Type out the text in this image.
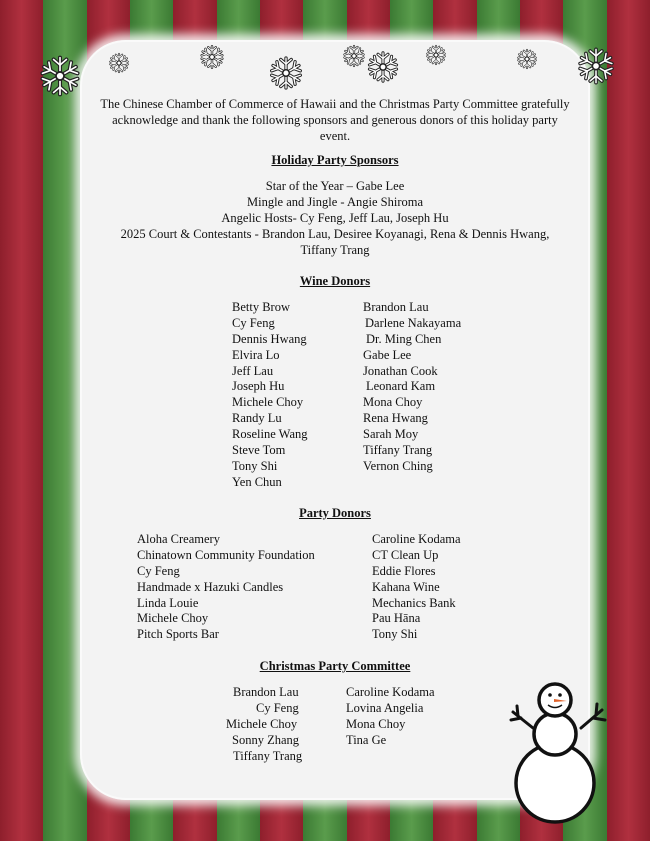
The Chinese Chamber of Commerce of Hawaii and the Christmas Party Committee gratefully acknowledge and thank the following sponsors and generous donors of this holiday party event.
Holiday Party Sponsors
Star of the Year – Gabe Lee
Mingle and Jingle - Angie Shiroma
Angelic Hosts- Cy Feng, Jeff Lau, Joseph Hu
2025 Court & Contestants - Brandon Lau, Desiree Koyanagi, Rena & Dennis Hwang,
Tiffany Trang
Wine Donors
Betty Brow
Cy Feng
Dennis Hwang
Elvira Lo
Jeff Lau
Joseph Hu
Michele Choy
Randy Lu
Roseline Wang
Steve Tom
Tony Shi
Yen Chun
Brandon Lau
Darlene Nakayama
Dr. Ming Chen
Gabe Lee
Jonathan Cook
Leonard Kam
Mona Choy
Rena Hwang
Sarah Moy
Tiffany Trang
Vernon Ching
Party Donors
Aloha Creamery
Chinatown Community Foundation
Cy Feng
Handmade x Hazuki Candles
Linda Louie
Michele Choy
Pitch Sports Bar
Caroline Kodama
CT Clean Up
Eddie Flores
Kahana Wine
Mechanics Bank
Pau Hāna
Tony Shi
Christmas Party Committee
Brandon Lau
Cy Feng
Michele Choy
Sonny Zhang
Tiffany Trang
Caroline Kodama
Lovina Angelia
Mona Choy
Tina Ge
